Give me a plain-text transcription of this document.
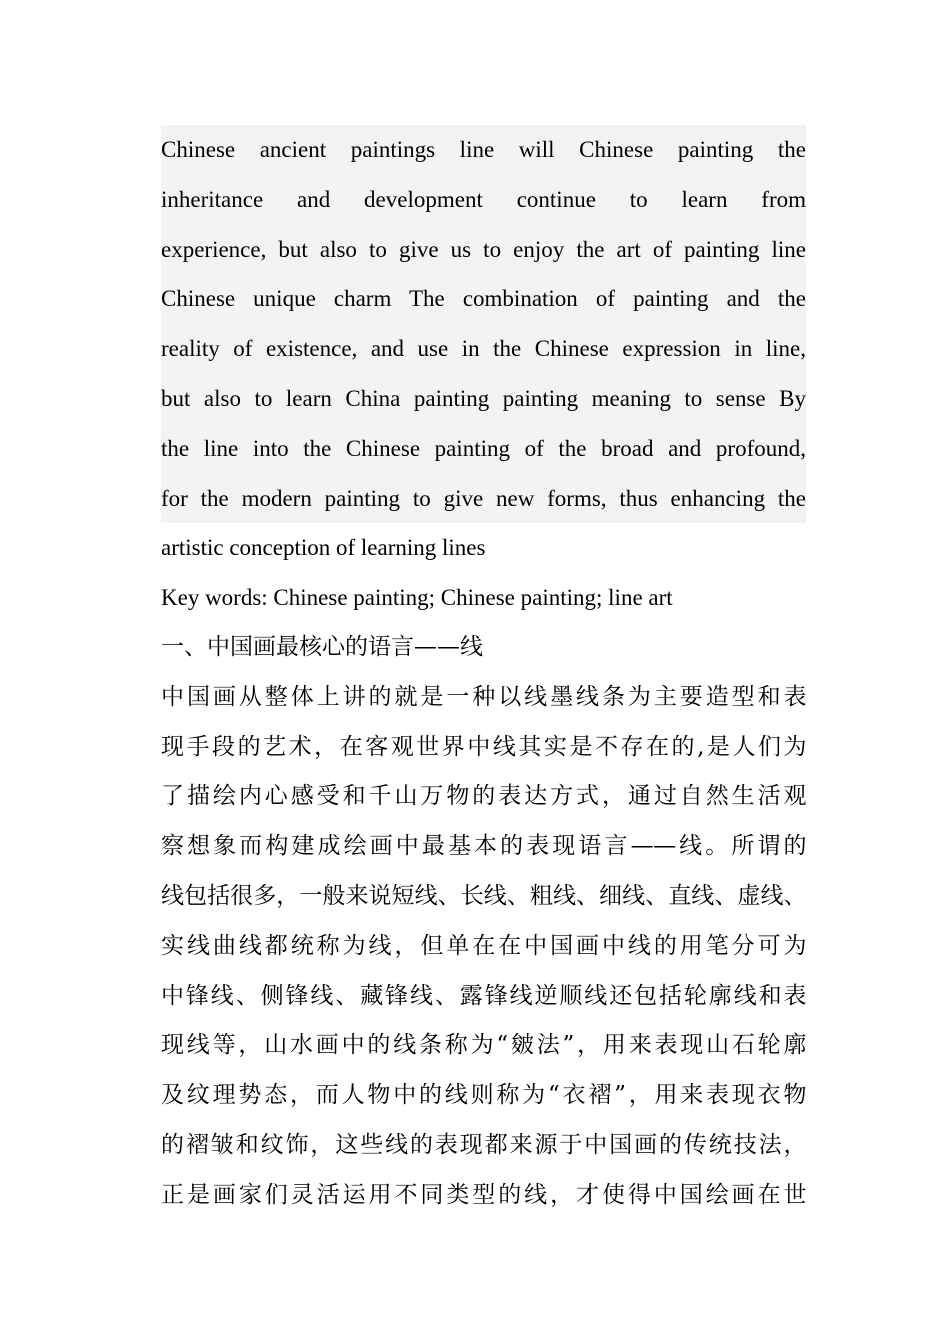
Chinese ancient paintings line will Chinese painting the
inheritance and development continue to learn from
experience, but also to give us to enjoy the art of painting line
Chinese unique charm The combination of painting and the
reality of existence, and use in the Chinese expression in line,
but also to learn China painting painting meaning to sense By
the line into the Chinese painting of the broad and profound,
for the modern painting to give new forms, thus enhancing the
artistic conception of learning lines
Key words: Chinese painting; Chinese painting; line art
一、中国画最核心的语言——线
中国画从整体上讲的就是一种以线墨线条为主要造型和表
现手段的艺术，在客观世界中线其实是不存在的,是人们为
了描绘内心感受和千山万物的表达方式，通过自然生活观
察想象而构建成绘画中最基本的表现语言——线。所谓的
线包括很多，一般来说短线、长线、粗线、细线、直线、虚线、
实线曲线都统称为线，但单在在中国画中线的用笔分可为
中锋线、侧锋线、藏锋线、露锋线逆顺线还包括轮廓线和表
现线等，山水画中的线条称为“皴法”，用来表现山石轮廓
及纹理势态，而人物中的线则称为“衣褶”，用来表现衣物
的褶皱和纹饰，这些线的表现都来源于中国画的传统技法，
正是画家们灵活运用不同类型的线，才使得中国绘画在世
